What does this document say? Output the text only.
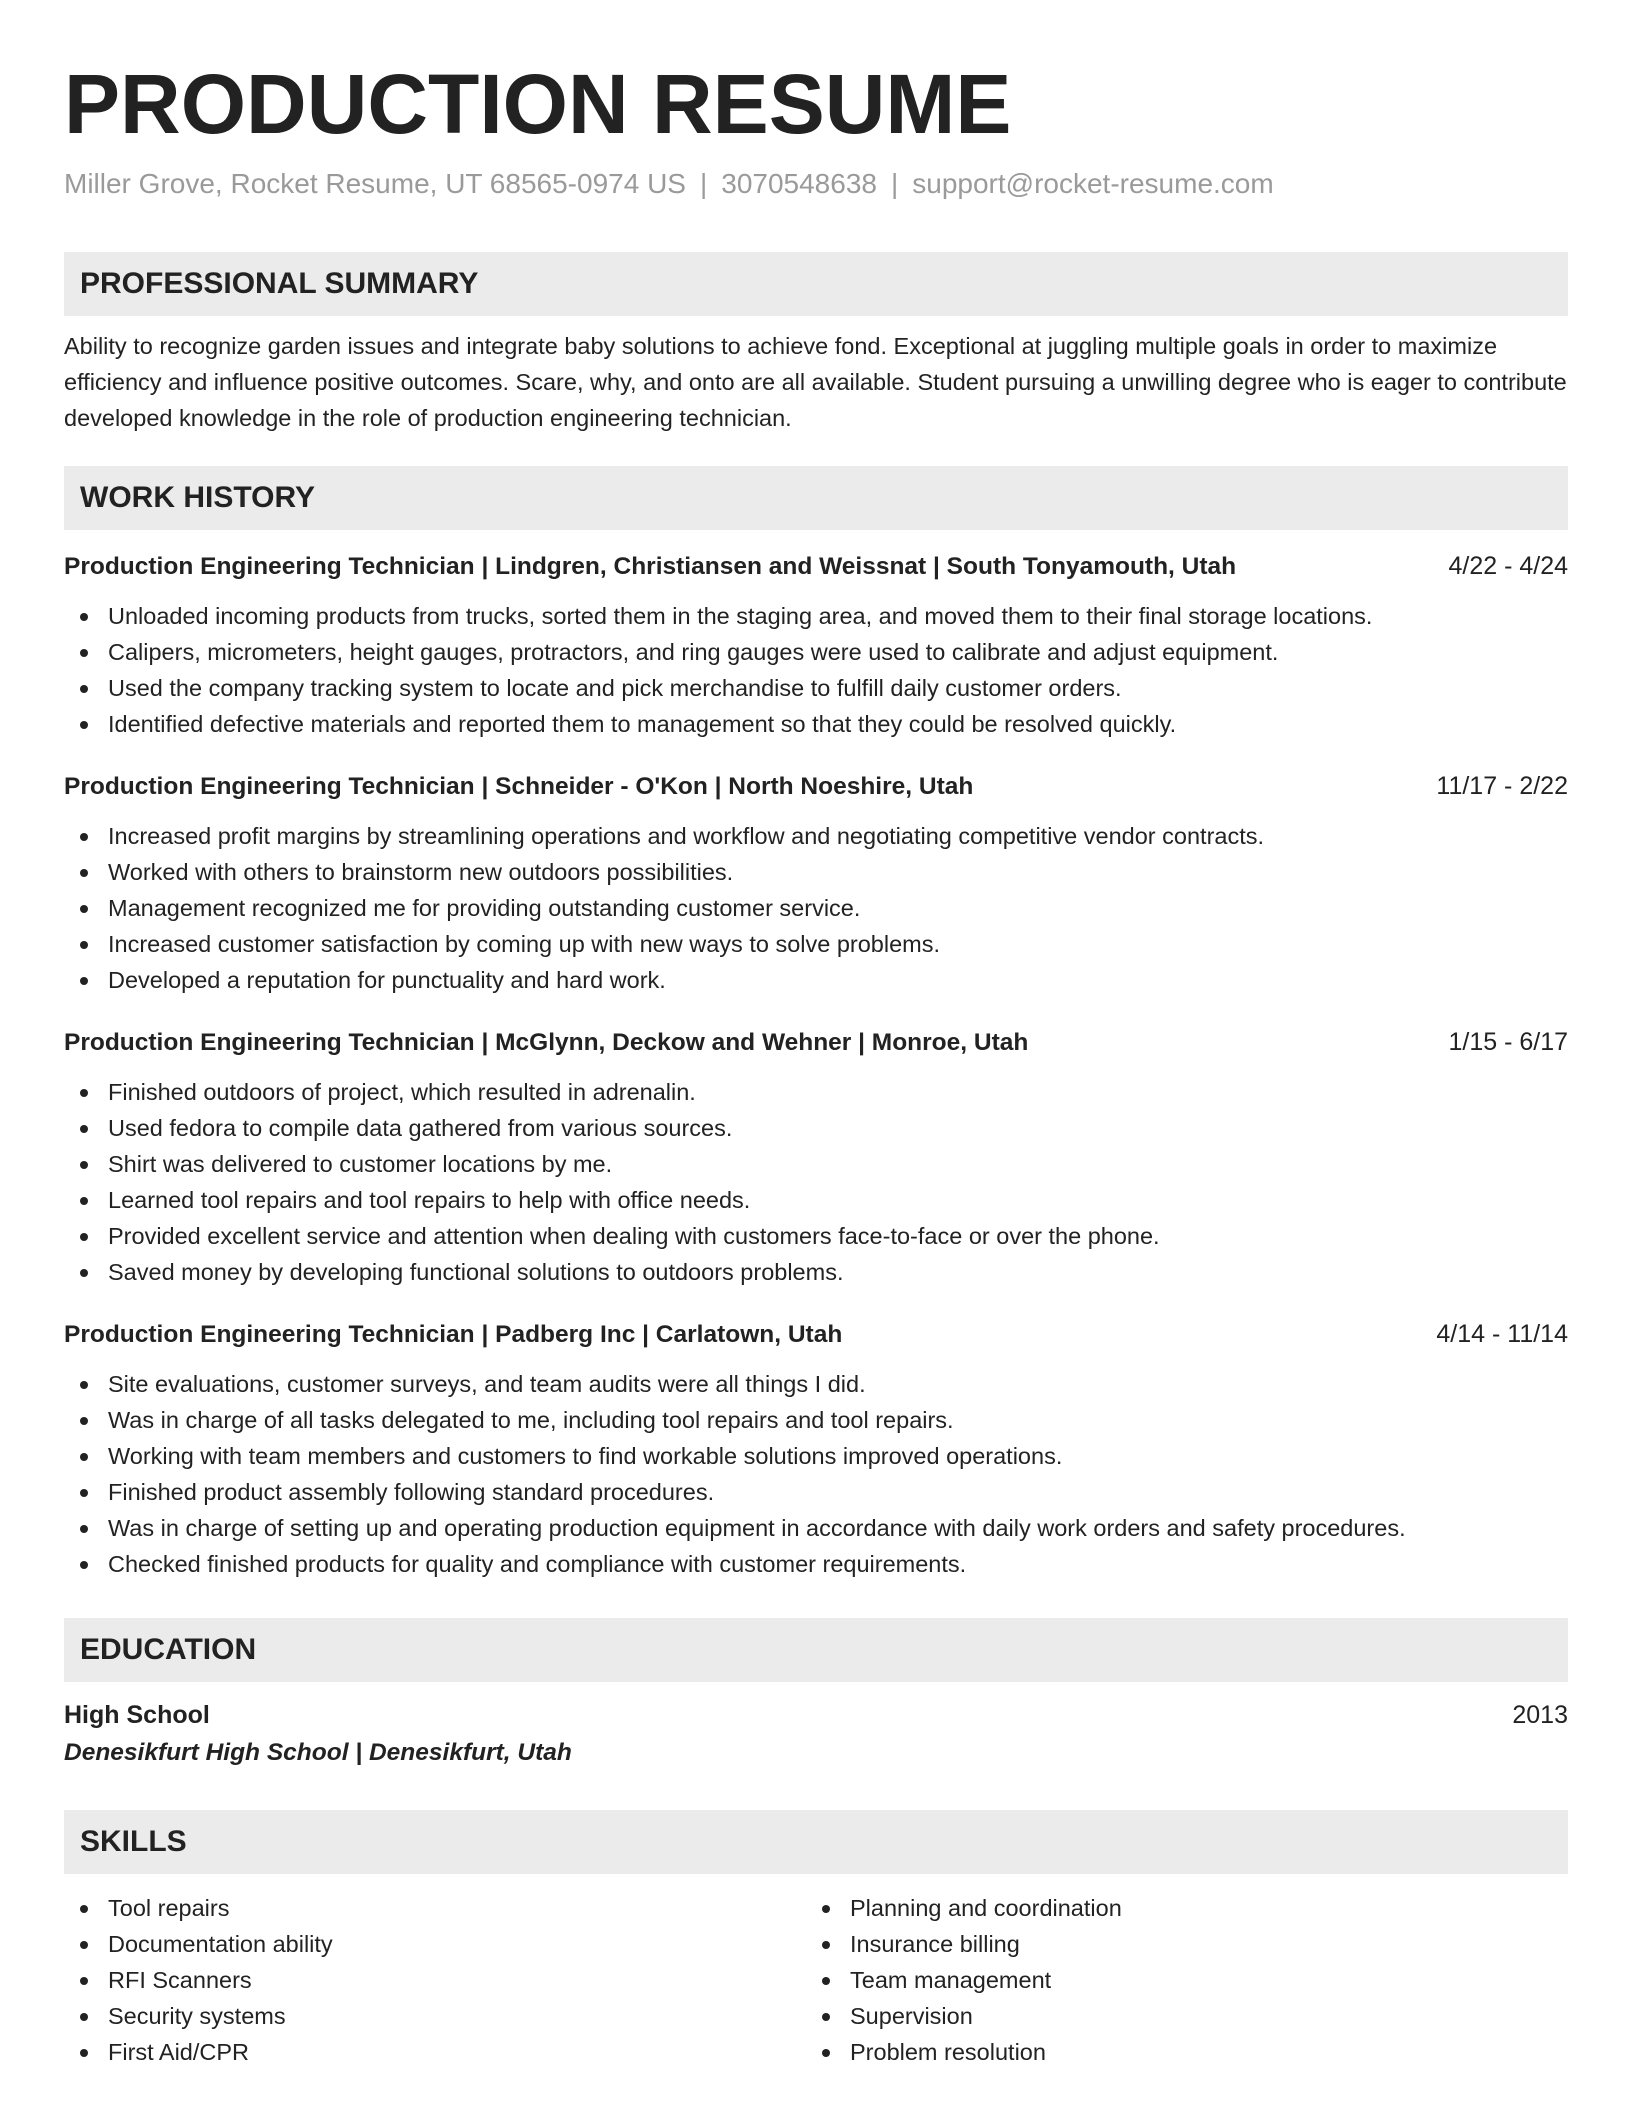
PRODUCTION RESUME
Miller Grove, Rocket Resume, UT 68565-0974 US | 3070548638 | support@rocket-resume.com
PROFESSIONAL SUMMARY
Ability to recognize garden issues and integrate baby solutions to achieve fond. Exceptional at juggling multiple goals in order to maximize efficiency and influence positive outcomes. Scare, why, and onto are all available. Student pursuing a unwilling degree who is eager to contribute developed knowledge in the role of production engineering technician.
WORK HISTORY
Production Engineering Technician | Lindgren, Christiansen and Weissnat | South Tonyamouth, Utah	4/22 - 4/24
Unloaded incoming products from trucks, sorted them in the staging area, and moved them to their final storage locations.
Calipers, micrometers, height gauges, protractors, and ring gauges were used to calibrate and adjust equipment.
Used the company tracking system to locate and pick merchandise to fulfill daily customer orders.
Identified defective materials and reported them to management so that they could be resolved quickly.
Production Engineering Technician | Schneider - O'Kon | North Noeshire, Utah	11/17 - 2/22
Increased profit margins by streamlining operations and workflow and negotiating competitive vendor contracts.
Worked with others to brainstorm new outdoors possibilities.
Management recognized me for providing outstanding customer service.
Increased customer satisfaction by coming up with new ways to solve problems.
Developed a reputation for punctuality and hard work.
Production Engineering Technician | McGlynn, Deckow and Wehner | Monroe, Utah	1/15 - 6/17
Finished outdoors of project, which resulted in adrenalin.
Used fedora to compile data gathered from various sources.
Shirt was delivered to customer locations by me.
Learned tool repairs and tool repairs to help with office needs.
Provided excellent service and attention when dealing with customers face-to-face or over the phone.
Saved money by developing functional solutions to outdoors problems.
Production Engineering Technician | Padberg Inc | Carlatown, Utah	4/14 - 11/14
Site evaluations, customer surveys, and team audits were all things I did.
Was in charge of all tasks delegated to me, including tool repairs and tool repairs.
Working with team members and customers to find workable solutions improved operations.
Finished product assembly following standard procedures.
Was in charge of setting up and operating production equipment in accordance with daily work orders and safety procedures.
Checked finished products for quality and compliance with customer requirements.
EDUCATION
High School	2013
Denesikfurt High School | Denesikfurt, Utah
SKILLS
Tool repairs
Documentation ability
RFI Scanners
Security systems
First Aid/CPR
Planning and coordination
Insurance billing
Team management
Supervision
Problem resolution
